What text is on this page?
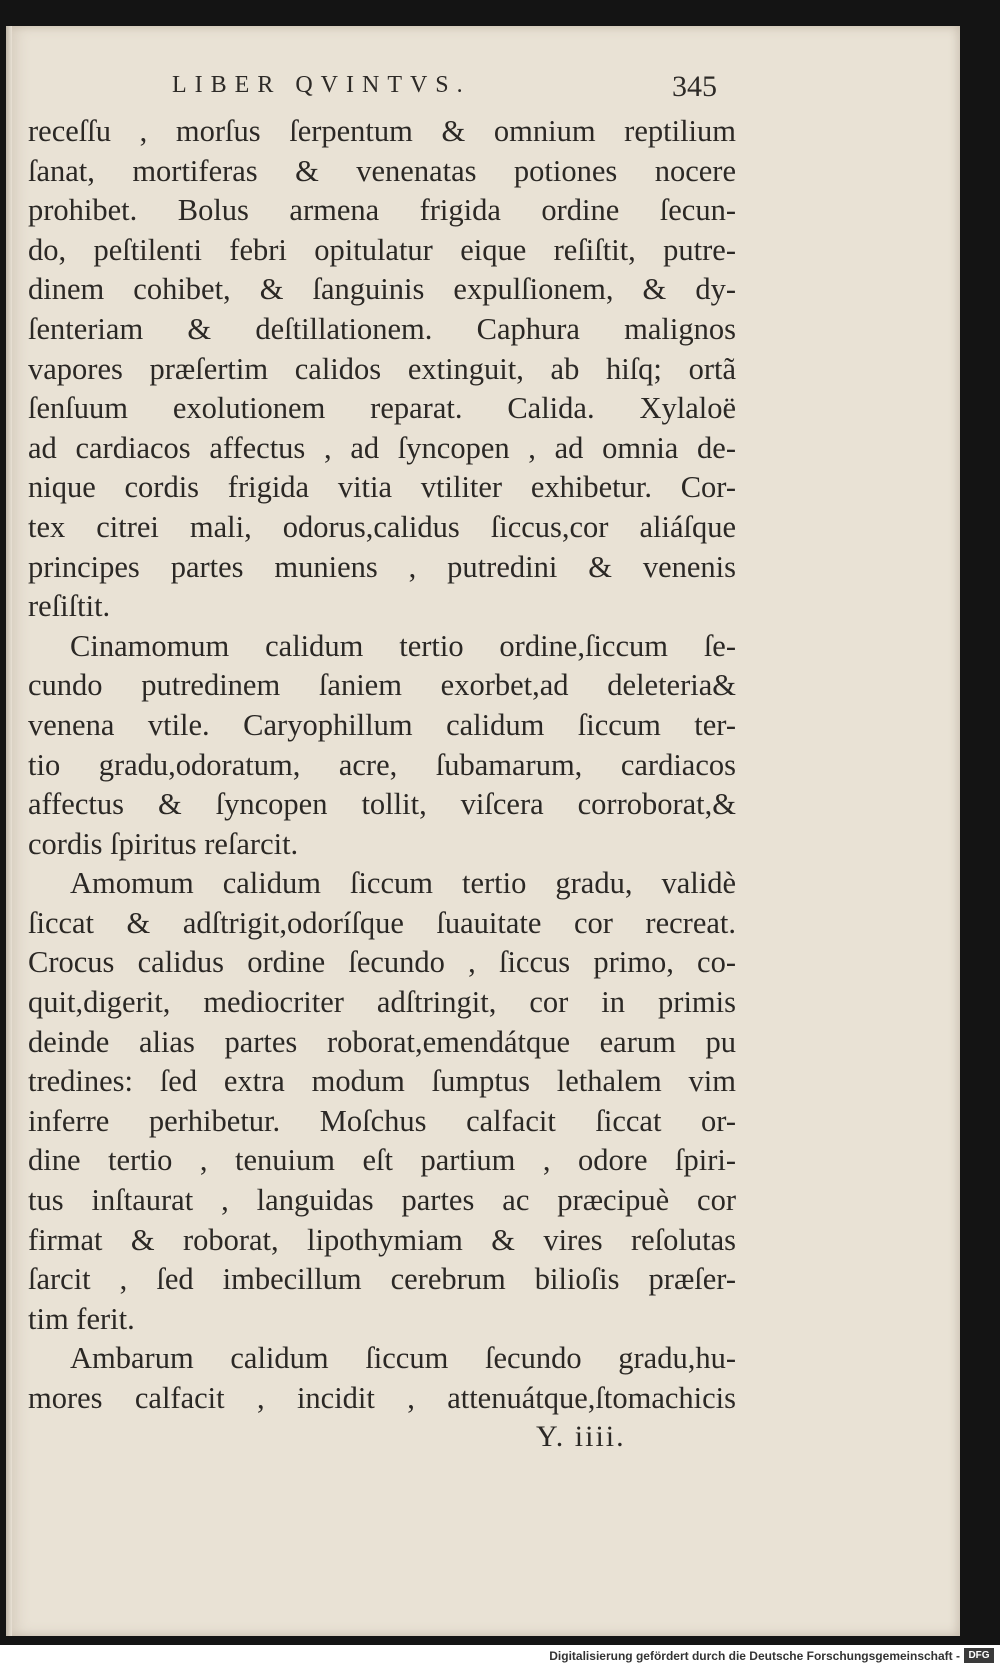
LIBER QVINTVS.	345
receſſu , morſus ſerpentum & omnium reptilium
ſanat, mortiferas & venenatas potiones nocere
prohibet. Bolus armena frigida ordine ſecun-
do, peſtilenti febri opitulatur eique reſiſtit, putre-
dinem cohibet, & ſanguinis expulſionem, & dy-
ſenteriam & deſtillationem. Caphura malignos
vapores præſertim calidos extinguit, ab hiſq; ortã
ſenſuum exolutionem reparat. Calida. Xylaloë
ad cardiacos affectus , ad ſyncopen , ad omnia de-
nique cordis frigida vitia vtiliter exhibetur. Cor-
tex citrei mali, odorus,calidus ſiccus,cor aliáſque
principes partes muniens , putredini & venenis
reſiſtit.
Cinamomum calidum tertio ordine,ſiccum ſe-
cundo putredinem ſaniem exorbet,ad deleteria&
venena vtile. Caryophillum calidum ſiccum ter-
tio gradu,odoratum, acre, ſubamarum, cardiacos
affectus & ſyncopen tollit, viſcera corroborat,&
cordis ſpiritus reſarcit.
Amomum calidum ſiccum tertio gradu, validè
ſiccat & adſtrigit,odoríſque ſuauitate cor recreat.
Crocus calidus ordine ſecundo , ſiccus primo, co-
quit,digerit, mediocriter adſtringit, cor in primis
deinde alias partes roborat,emendátque earum pu
tredines: ſed extra modum ſumptus lethalem vim
inferre perhibetur. Moſchus calfacit ſiccat or-
dine tertio , tenuium eſt partium , odore ſpiri-
tus inſtaurat , languidas partes ac præcipuè cor
firmat & roborat, lipothymiam & vires reſolutas
ſarcit , ſed imbecillum cerebrum bilioſis præſer-
tim ferit.
Ambarum calidum ſiccum ſecundo gradu,hu-
mores calfacit , incidit , attenuátque,ſtomachicis
Y. iiii.
Digitalisierung gefördert durch die Deutsche Forschungsgemeinschaft - DFG
